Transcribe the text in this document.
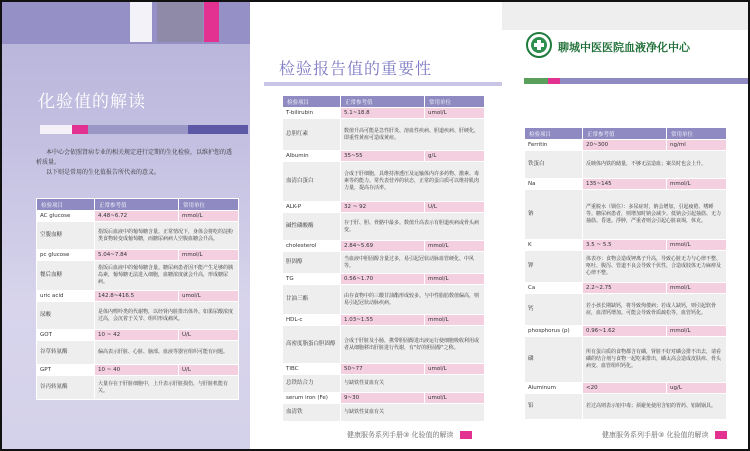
化验值的解读

本中心会依照肾病专业的相关规定进行定期的生化检验，以维护您的透析质量。

以下则是常用的生化值报告所代表的意义。

检验项目	正常参考值	常用单位
AC glucose	4.48~6.72	mmol/L
空腹血糖	指饭后血液中的葡萄糖含量。正常情况下，身体会将吃的淀粉类食物转变成葡萄糖，而糖尿病病人空腹血糖会升高。	
pc glucose	5.04~7.84	mmol/L
餐后血糖	指饭后血液中的葡萄糖含量。糖尿病患者因不能产生足够的胰岛素，葡萄糖无法进入细胞，血糖浓度就会升高，形成糖尿病。	
uric acid	142.8~416.5	umol/L
尿酸	是体内嘌呤类的代谢物，以经肾内脏排出体外。如果尿酸浓度过高，会沉着于关节、组织形成痛风。	
GOT	10 ~ 42	U/L
谷草转氨酶	偏高表示肝脏、心脏、脑部、血液等器官组织可能有问题。	
GPT	10 ~ 40	U/L
谷丙转氨酶	大量存在于肝脏细胞中，上升表示肝脏损伤，与肝脏机能有关。	
检验报告值的重要性
检验项目	正常参考值	常用单位
T-bilirubin	5.1~18.8	umol/L
总胆红素	数值升高可能是急性肝炎、溶血性疾病、胆道疾病、肝硬化，即重性黄疸可造成黄疸。	
Albumin	35~55	g/L
血清白蛋白	合成于肝细胞，具维持渗透压及运输体内许多药物、激素、毒素等的能力。常代表营养的状态，正常的蛋白质可以维持肌肉力量，提高存活率。	
ALK-P	32 ~ 92	U/L
碱性磷酸酶	存于肝、胆、骨骼中最多。数值升高表示有胆道疾病或骨头病变。	
cholesterol	2.84~5.69	mmol/L
胆固醇	当血液中胆固醇含量过多，易引起冠状动脉血管硬化、中风等。	
TG	0.56~1.70	mmol/L
甘油三酯	由存食物中的三酸甘油酯形成较多。与中性脂肪数值偏高，则易引起冠状动脉疾病。	
HDL-c	1.03~1.55	mmol/L
高密度脂蛋白胆固醇	合成于肝脏及小肠，携带胆固醇进出液运行使细胞吸收利用或者从细胞移出肝脏进行代谢，有"好的胆固醇"之称。	
TIBC	50~77	umol/L
总铁结合力	与缺铁性贫血有关	
serum iron (Fe)	9~30	umol/L
血清铁	与缺铁性贫血有关	
健康服务系列手册③ 化验值的解读
聊城中医医院血液净化中心
检验项目	正常参考值	常用单位
Ferritin	20~300	ng/ml
铁蛋白	反映体内铁的储量，不够无法造血；案员时也会上升。	
Na	135~145	mmol/L
钠	严重脱水（锁住）：多尿症时，钠会增加，引起疲倦、嗜睡等。糖尿病患者，则增加时钠会减少。低钠会引起抽筋、无力抽筋、昏迷。浮肿，严重者则会引起心脏衰竭，休克。	
K	3.5 ~ 5.5	mmol/L
钾	体表亦：食物会造成钾离子升高，导致心脏无力与心律不整、呕吐、腹泻、管道不良会导致千伏性，合造成肢体无力麻痹及心律不整。	
Ca	2.2~2.75	mmol/L
钙	若小孩长期缺钙，将导致佝偻病；若成人缺钙，则引起软骨症，血清钙增加。可能会导致骨质疏松等，血管钙化。	
phosphorus (p)	0.96~1.62	mmol/L
磷	所有蛋白质的食物都含有磷，肾脏不好对磷会排不出去，请看磷的结合剂与食物一起吃来排出，磷太高会造成皮肤痒、骨头病变、血管组织钙化。	
Aluminum	<20	ug/L
铝	若过高则表示铝中毒；须避免使用含铝的胃药、铝制锅具。	
健康服务系列手册③ 化验值的解读
